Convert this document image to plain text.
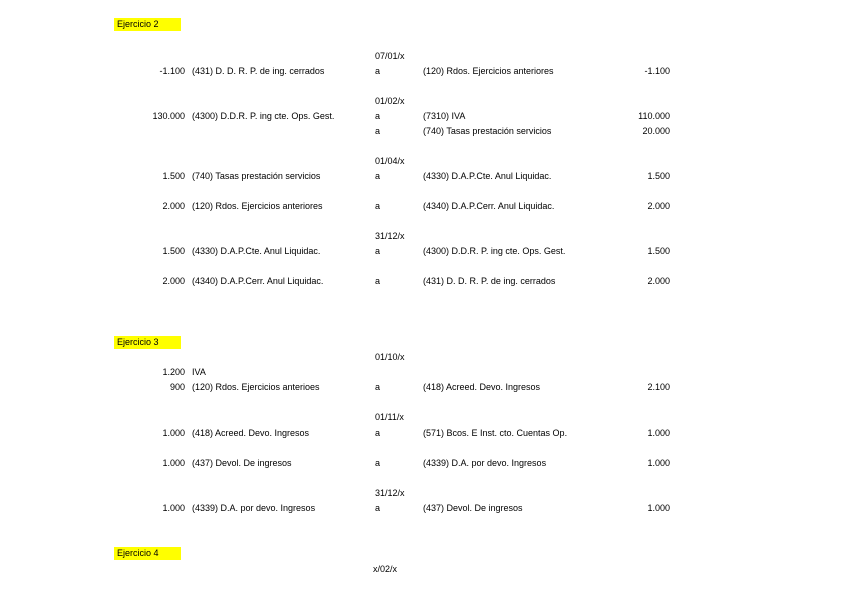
Ejercicio 2
07/01/x
-1.100 (431) D. D. R. P. de ing. cerrados	a	(120) Rdos. Ejercicios anteriores	-1.100
01/02/x
130.000 (4300) D.D.R. P. ing cte. Ops. Gest.	a	(7310) IVA	110.000
a	(740) Tasas prestación servicios	20.000
01/04/x
1.500 (740) Tasas prestación servicios	a	(4330) D.A.P.Cte. Anul Liquidac.	1.500
2.000 (120) Rdos. Ejercicios anteriores	a	(4340) D.A.P.Cerr. Anul Liquidac.	2.000
31/12/x
1.500 (4330) D.A.P.Cte. Anul Liquidac.	a	(4300) D.D.R. P. ing cte. Ops. Gest.	1.500
2.000 (4340) D.A.P.Cerr. Anul Liquidac.	a	(431) D. D. R. P. de ing. cerrados	2.000
Ejercicio 3
01/10/x
1.200 IVA
900 (120) Rdos. Ejercicios anterioes	a	(418) Acreed. Devo. Ingresos	2.100
01/11/x
1.000 (418) Acreed. Devo. Ingresos	a	(571) Bcos. E Inst. cto. Cuentas Op.	1.000
1.000 (437) Devol. De ingresos	a	(4339) D.A. por devo. Ingresos	1.000
31/12/x
1.000 (4339) D.A. por devo. Ingresos	a	(437) Devol. De ingresos	1.000
Ejercicio 4
x/02/x
